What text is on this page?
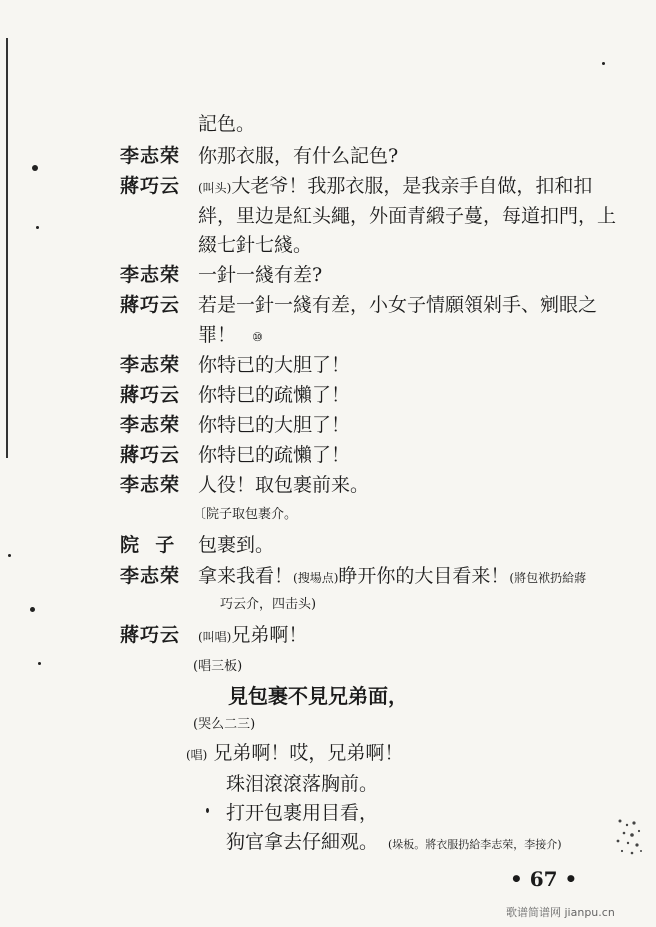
記色。
李志荣 你那衣服，有什么記色?
蔣巧云 (叫头)大老爷！我那衣服，是我亲手自做，扣和扣
絆，里边是紅头繩，外面青緞子蔓，每道扣門，上
綴七針七綫。
李志荣 一針一綫有差?
蔣巧云 若是一針一綫有差，小女子情願領剁手、剜眼之
罪！ ⑩
李志荣 你特已的大胆了！
蔣巧云 你特巳的疏懶了！
李志荣 你特巳的大胆了！
蔣巧云 你特巳的疏懶了！
李志荣 人役！取包裹前来。
〔院子取包裹介。
院  子 包裹到。
李志荣 拿来我看！(搜場点)睁开你的大目看来！(將包袱扔給蔣
巧云介，四击头)
蔣巧云 (叫唱)兄弟啊！
(唱三板)
見包裹不見兄弟面，
(哭么二三)
(唱) 兄弟啊！哎，兄弟啊！
珠泪滾滾落胸前。
打开包裹用目看，
狗官拿去仔細观。 (垛板。將衣服扔給李志荣，李接介)
• 67 •
歌谱简谱网 jianpu.cn
